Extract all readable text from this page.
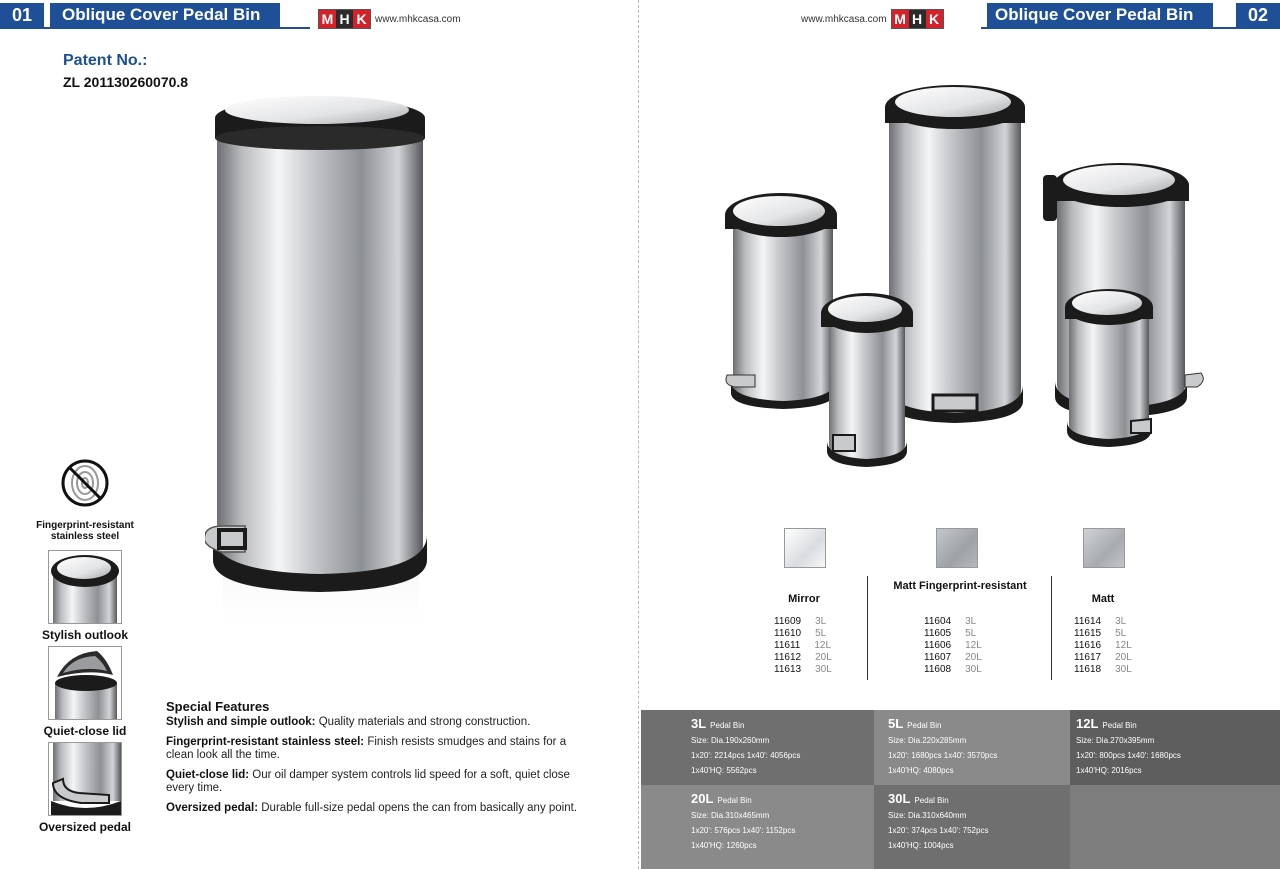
01	Oblique Cover Pedal Bin	M H K www.mhkcasa.com
Patent No.:
ZL 201130260070.8
Fingerprint-resistant stainless steel
Stylish outlook
Quiet-close lid
Oversized pedal
Special Features

Stylish and simple outlook: Quality materials and strong construction.

Fingerprint-resistant stainless steel: Finish resists smudges and stains for a clean look all the time.

Quiet-close lid: Our oil damper system controls lid speed for a soft, quiet close every time.

Oversized pedal: Durable full-size pedal opens the can from basically any point.

www.mhkcasa.com M H K	Oblique Cover Pedal Bin	02
Mirror
Matt Fingerprint-resistant
Matt
11609 3L
11610 5L
11611 12L
11612 20L
11613 30L
11604 3L
11605 5L
11606 12L
11607 20L
11608 30L
11614 3L
11615 5L
11616 12L
11617 20L
11618 30L
3L Pedal Bin
Size: Dia.190x260mm
1x20': 2214pcs 1x40': 4056pcs
1x40'HQ: 5562pcs
5L Pedal Bin
Size: Dia.220x285mm
1x20': 1680pcs 1x40': 3570pcs
1x40'HQ: 4080pcs
12L Pedal Bin
Size: Dia.270x395mm
1x20': 800pcs 1x40': 1680pcs
1x40'HQ: 2016pcs
20L Pedal Bin
Size: Dia.310x465mm
1x20': 576pcs 1x40': 1152pcs
1x40'HQ: 1260pcs
30L Pedal Bin
Size: Dia.310x640mm
1x20': 374pcs 1x40': 752pcs
1x40'HQ: 1004pcs
